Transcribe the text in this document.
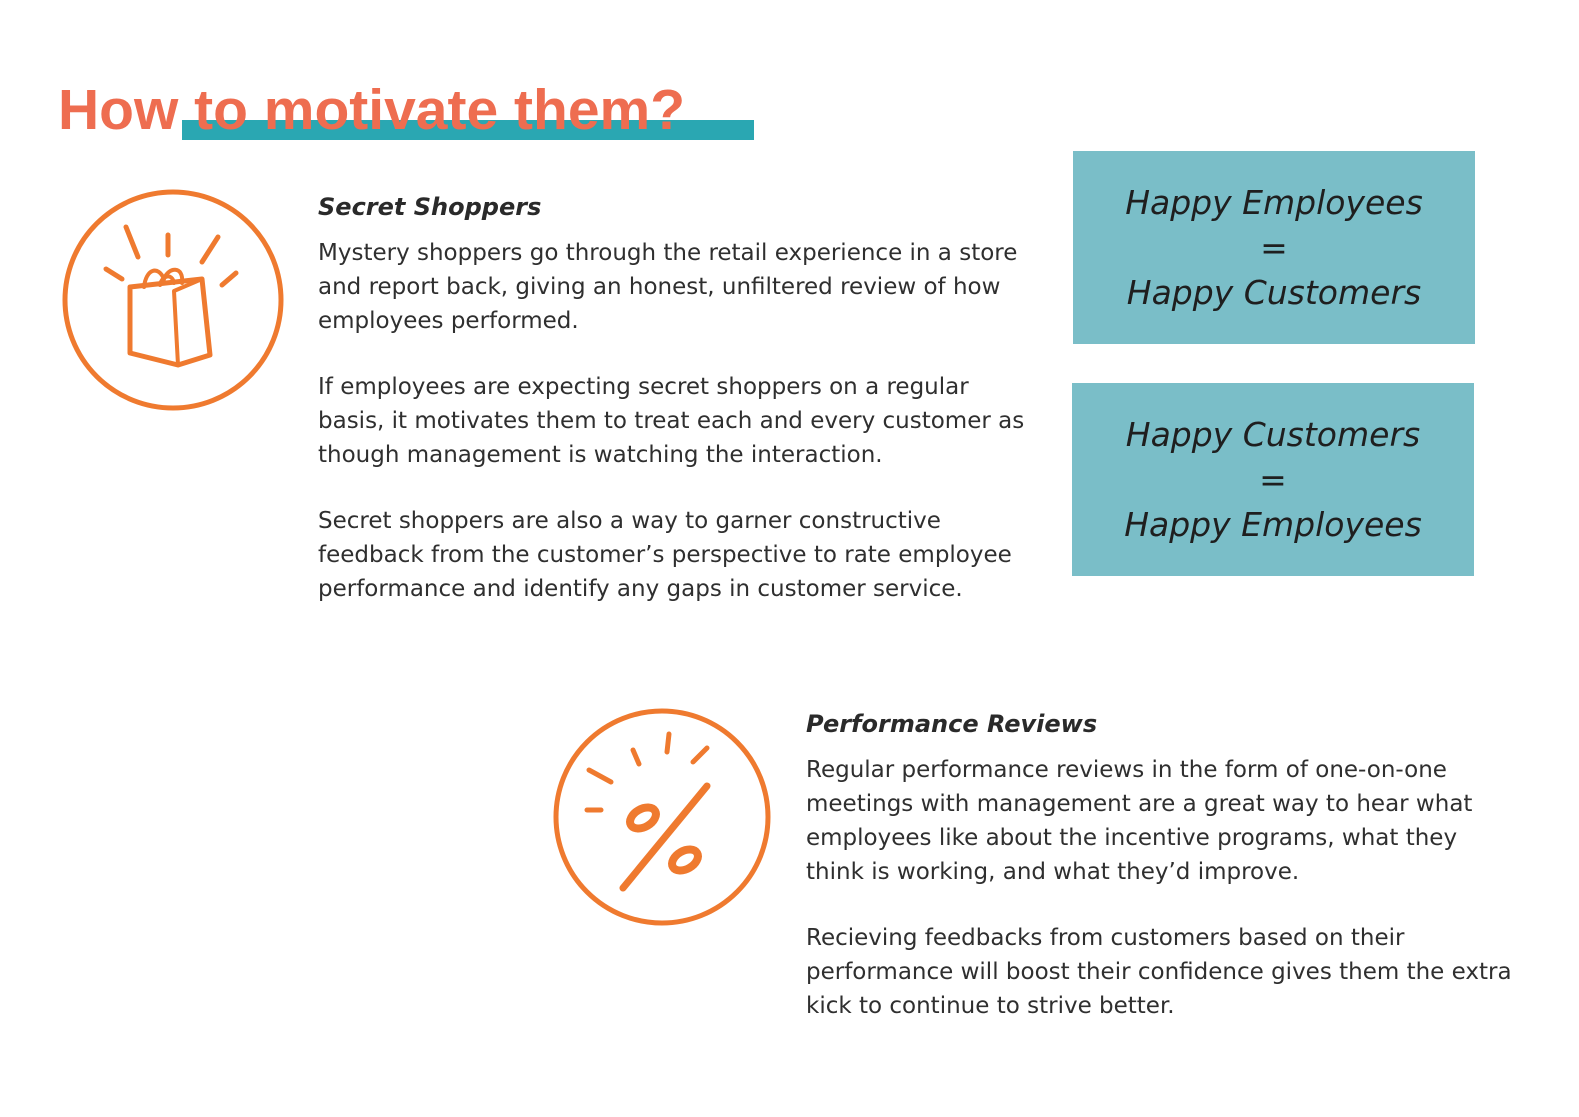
How to motivate them?
Secret Shoppers

Mystery shoppers go through the retail experience in a store and report back, giving an honest, unfiltered review of how employees performed.

If employees are expecting secret shoppers on a regular basis, it motivates them to treat each and every customer as though management is watching the interaction.

Secret shoppers are also a way to garner constructive feedback from the customer’s perspective to rate employee performance and identify any gaps in customer service.

Happy Employees
=
Happy Customers
Happy Customers
=
Happy Employees
Performance Reviews

Regular performance reviews in the form of one-on-one meetings with management are a great way to hear what employees like about the incentive programs, what they think is working, and what they’d improve.

Recieving feedbacks from customers based on their performance will boost their confidence gives them the extra kick to continue to strive better.
